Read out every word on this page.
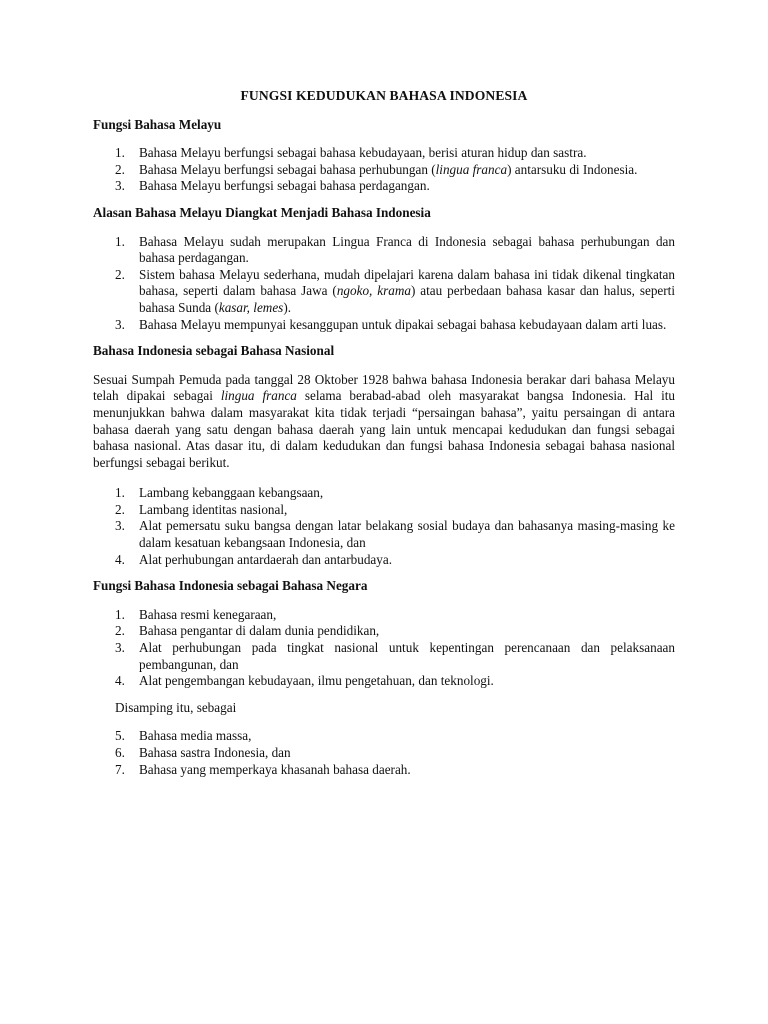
FUNGSI KEDUDUKAN BAHASA INDONESIA
Fungsi Bahasa Melayu
1. Bahasa Melayu berfungsi sebagai bahasa kebudayaan, berisi aturan hidup dan sastra.
2. Bahasa Melayu berfungsi sebagai bahasa perhubungan (lingua franca) antarsuku di Indonesia.
3. Bahasa Melayu berfungsi sebagai bahasa perdagangan.
Alasan Bahasa Melayu Diangkat Menjadi Bahasa Indonesia
1. Bahasa Melayu sudah merupakan Lingua Franca di Indonesia sebagai bahasa perhubungan dan bahasa perdagangan.
2. Sistem bahasa Melayu sederhana, mudah dipelajari karena dalam bahasa ini tidak dikenal tingkatan bahasa, seperti dalam bahasa Jawa (ngoko, krama) atau perbedaan bahasa kasar dan halus, seperti bahasa Sunda (kasar, lemes).
3. Bahasa Melayu mempunyai kesanggupan untuk dipakai sebagai bahasa kebudayaan dalam arti luas.
Bahasa Indonesia sebagai Bahasa Nasional
Sesuai Sumpah Pemuda pada tanggal 28 Oktober 1928 bahwa bahasa Indonesia berakar dari bahasa Melayu telah dipakai sebagai lingua franca selama berabad-abad oleh masyarakat bangsa Indonesia. Hal itu menunjukkan bahwa dalam masyarakat kita tidak terjadi “persaingan bahasa”, yaitu persaingan di antara bahasa daerah yang satu dengan bahasa daerah yang lain untuk mencapai kedudukan dan fungsi sebagai bahasa nasional. Atas dasar itu, di dalam kedudukan dan fungsi bahasa Indonesia sebagai bahasa nasional berfungsi sebagai berikut.
1. Lambang kebanggaan kebangsaan,
2. Lambang identitas nasional,
3. Alat pemersatu suku bangsa dengan latar belakang sosial budaya dan bahasanya masing-masing ke dalam kesatuan kebangsaan Indonesia, dan
4. Alat perhubungan antardaerah dan antarbudaya.
Fungsi Bahasa Indonesia sebagai Bahasa Negara
1. Bahasa resmi kenegaraan,
2. Bahasa pengantar di dalam dunia pendidikan,
3. Alat perhubungan pada tingkat nasional untuk kepentingan perencanaan dan pelaksanaan pembangunan, dan
4. Alat pengembangan kebudayaan, ilmu pengetahuan, dan teknologi.
Disamping itu, sebagai
5. Bahasa media massa,
6. Bahasa sastra Indonesia, dan
7. Bahasa yang memperkaya khasanah bahasa daerah.
